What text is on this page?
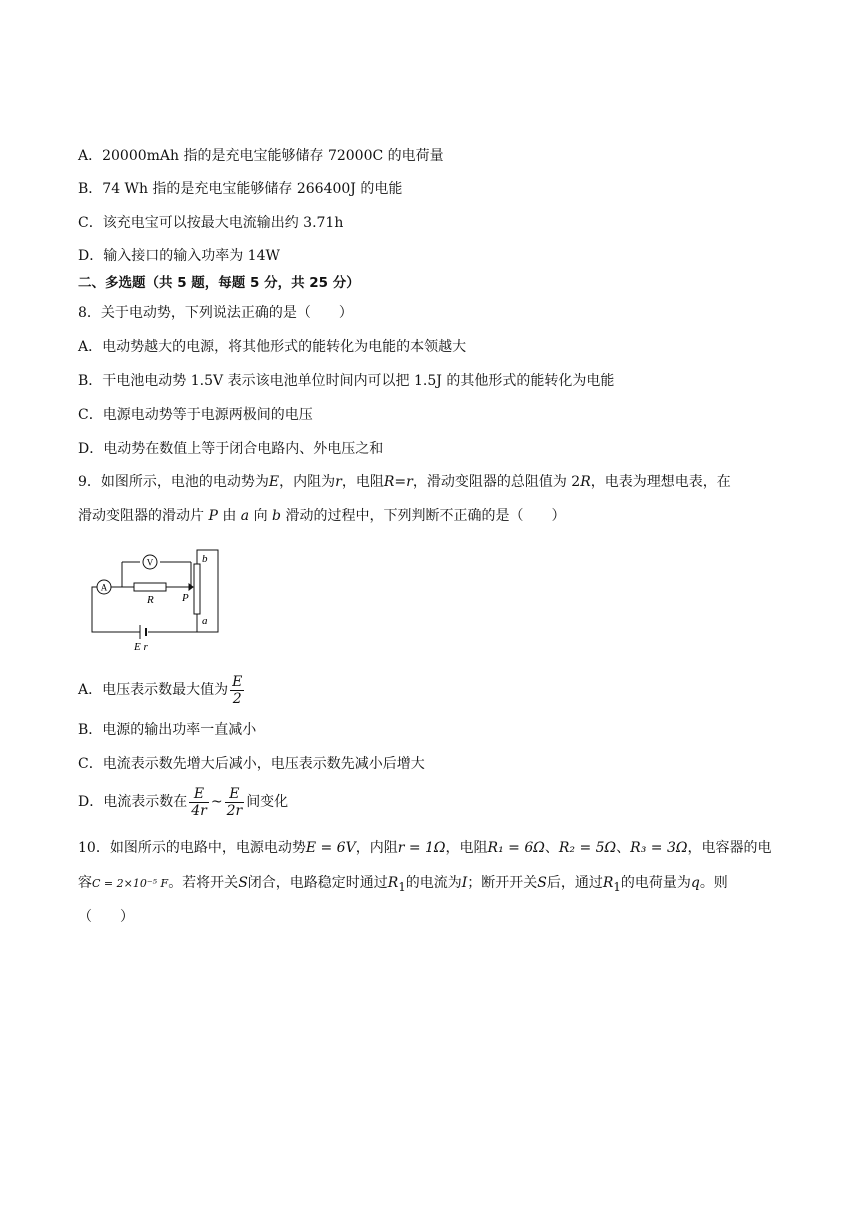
A．20000mAh 指的是充电宝能够储存 72000C 的电荷量
B．74 Wh 指的是充电宝能够储存 266400J 的电能
C．该充电宝可以按最大电流输出约 3.71h
D．输入接口的输入功率为 14W
二、多选题（共 5 题，每题 5 分，共 25 分）
8．关于电动势，下列说法正确的是（　　）
A．电动势越大的电源，将其他形式的能转化为电能的本领越大
B．干电池电动势 1.5V 表示该电池单位时间内可以把 1.5J 的其他形式的能转化为电能
C．电源电动势等于电源两极间的电压
D．电动势在数值上等于闭合电路内、外电压之和
9．如图所示，电池的电动势为E，内阻为r，电阻R=r，滑动变阻器的总阻值为 2R，电表为理想电表，在
滑动变阻器的滑动片 P 由 a 向 b 滑动的过程中，下列判断不正确的是（　　）
A
V
R	P
b
a
E r
A．电压表示数最大值为 $\frac{E}{2}$
B．电源的输出功率一直减小
C．电流表示数先增大后减小，电压表示数先减小后增大
D．电流表示数在 $\frac{E}{4r}$ ~ $\frac{E}{2r}$ 间变化
10．如图所示的电路中，电源电动势E = 6V，内阻r = 1Ω，电阻R₁ = 6Ω、R₂ = 5Ω、R₃ = 3Ω，电容器的电
容C = 2×10⁻⁵ F。若将开关S闭合，电路稳定时通过$R_1$的电流为I；断开开关S后，通过$R_1$的电荷量为q。则
（　　）
